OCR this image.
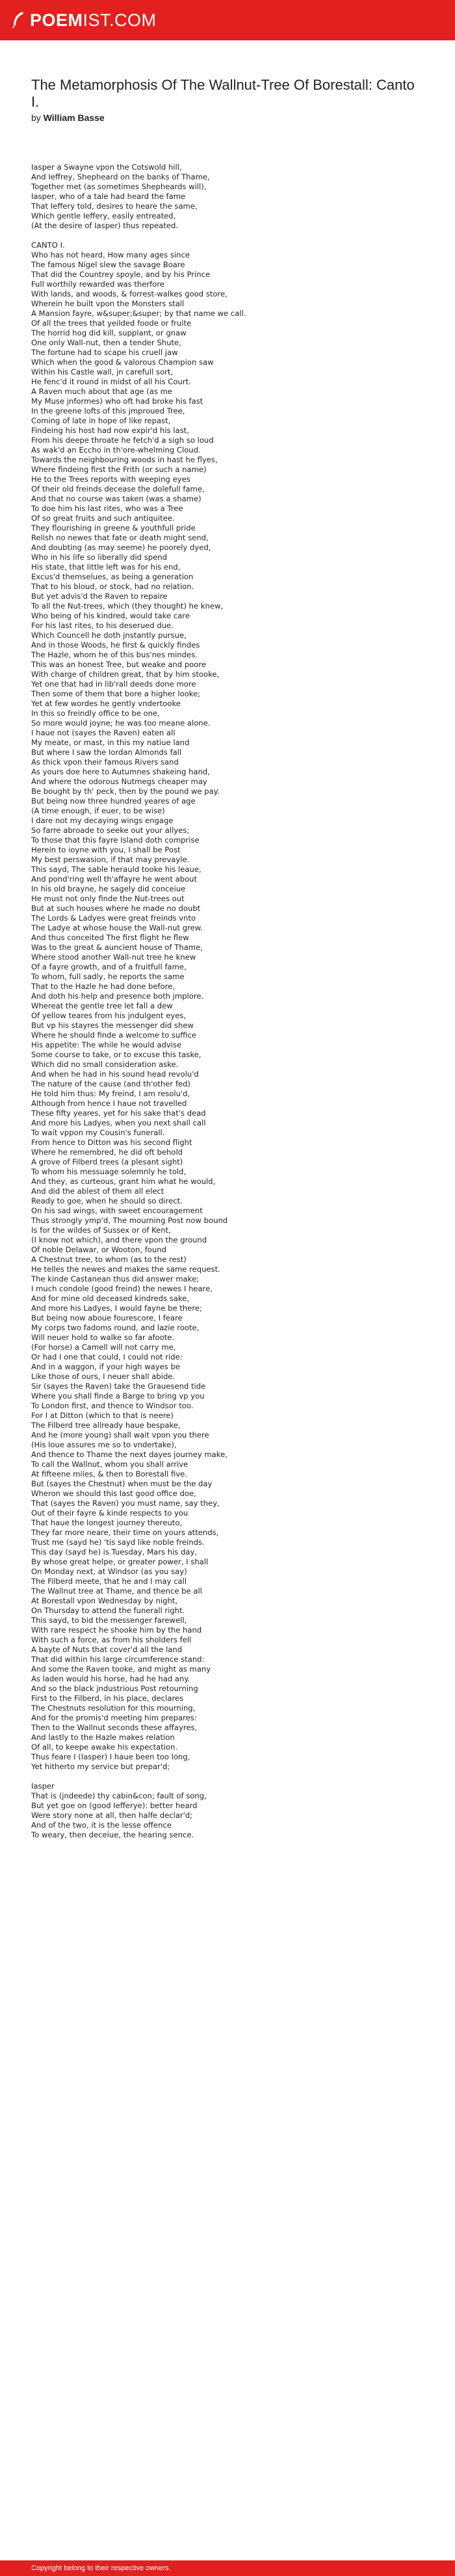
POEMIST.COM
The Metamorphosis Of The Wallnut-Tree Of Borestall: Canto I.
by William Basse
Iasper a Swayne vpon the Cotswold hill,
And Ieffrey, Shepheard on the banks of Thame,
Together met (as sometimes Shepheards will),
Iasper, who of a tale had heard the fame
That Ieffery told, desires to heare the same,
Which gentle Ieffery, easily entreated,
(At the desire of Iasper) thus repeated.
CANTO I.
Who has not heard, How many ages since
The famous Nigel slew the savage Boare
That did the Countrey spoyle, and by his Prince
Full worthily rewarded was therfore
With lands, and woods, & forrest-walkes good store,
Wherein he built vpon the Monsters stall
A Mansion fayre, w&super;&super; by that name we call.
Of all the trees that yeilded foode or fruite
The horrid hog did kill, supplant, or gnaw
One only Wall-nut, then a tender Shute,
The fortune had to scape his cruell jaw
Which when the good & valorous Champion saw
Within his Castle wall, jn carefull sort,
He fenc'd it round in midst of all his Court.
A Raven much about that age (as me
My Muse jnformes) who oft had broke his fast
In the greene lofts of this jmproued Tree,
Coming of late in hope of like repast,
Findeing his host had now expir'd his last,
From his deepe throate he fetch'd a sigh so loud
As wak'd an Eccho in th'ore-whelming Cloud.
Towards the neighbouring woods in hast he flyes,
Where findeing first the Frith (or such a name)
He to the Trees reports with weeping eyes
Of their old freinds decease the dolefull fame,
And that no course was taken (was a shame)
To doe him his last rites, who was a Tree
Of so great fruits and such antiquitee.
They flourishing in greene & youthfull pride
Relish no newes that fate or death might send,
And doubting (as may seeme) he poorely dyed,
Who in his life so liberally did spend
His state, that little left was for his end,
Excus'd themselues, as being a generation
That to his bloud, or stock, had no relation.
But yet advis'd the Raven to repaire
To all the Nut-trees, which (they thought) he knew,
Who being of his kindred, would take care
For his last rites, to his deserued due.
Which Councell he doth jnstantly pursue,
And in those Woods, he first & quickly findes
The Hazle, whom he of this bus'nes mindes.
This was an honest Tree, but weake and poore
With charge of children great, that by him stooke,
Yet one that had in lib'rall deeds done more
Then some of them that bore a higher looke;
Yet at few wordes he gently vndertooke
In this so freindly office to be one,
So more would joyne; he was too meane alone.
I haue not (sayes the Raven) eaten all
My meate, or mast, in this my natiue land
But where I saw the Iordan Almonds fall
As thick vpon their famous Rivers sand
As yours doe here to Autumnes shakeing hand,
And where the odorous Nutmegs cheaper may
Be bought by th' peck, then by the pound we pay.
But being now three hundred yeares of age
(A time enough, if euer, to be wise)
I dare not my decaying wings engage
So farre abroade to seeke out your allyes;
To those that this fayre Island doth comprise
Herein to ioyne with you, I shall be Post
My best perswasion, if that may prevayle.
This sayd, The sable herauld tooke his leaue,
And pond'ring well th'affayre he went about
In his old brayne, he sagely did conceiue
He must not only finde the Nut-trees out
But at such houses where he made no doubt
The Lords & Ladyes were great freinds vnto
The Ladye at whose house the Wall-nut grew.
And thus conceited The first flight he flew
Was to the great & auncient house of Thame,
Where stood another Wall-nut tree he knew
Of a fayre growth, and of a fruitfull fame,
To whom, full sadly, he reports the same
That to the Hazle he had done before,
And doth his help and presence both jmplore.
Whereat the gentle tree let fall a dew
Of yellow teares from his jndulgent eyes,
But vp his stayres the messenger did shew
Where he should finde a welcome to suffice
His appetite: The while he would advise
Some course to take, or to excuse this taske,
Which did no small consideration aske.
And when he had in his sound head revolu'd
The nature of the cause (and th'other fed)
He told him thus: My freind, I am resolu'd,
Although from hence I haue not travelled
These fifty yeares, yet for his sake that's dead
And more his Ladyes, when you next shall call
To wait vppon my Cousin's funerall.
From hence to Ditton was his second flight
Where he remembred, he did oft behold
A grove of Filberd trees (a plesant sight)
To whom his messuage solemnly he told,
And they, as curteous, grant him what he would,
And did the ablest of them all elect
Ready to goe, when he should so direct.
On his sad wings, with sweet encouragement
Thus strongly ymp'd, The mourning Post now bound
Is for the wildes of Sussex or of Kent,
(I know not which), and there vpon the ground
Of noble Delawar, or Wooton, found
A Chestnut tree, to whom (as to the rest)
He telles the newes and makes the same request.
The kinde Castanean thus did answer make;
I much condole (good freind) the newes I heare,
And for mine old deceased kindreds sake,
And more his Ladyes, I would fayne be there;
But being now aboue fourescore, I feare
My corps two fadoms round, and lazie roote,
Will neuer hold to walke so far afoote.
(For horse) a Camell will not carry me,
Or had I one that could, I could not ride:
And in a waggon, if your high wayes be
Like those of ours, I neuer shall abide.
Sir (sayes the Raven) take the Grauesend tide
Where you shall finde a Barge to bring vp you
To London first, and thence to Windsor too.
For I at Ditton (which to that is neere)
The Filberd tree allready haue bespake,
And he (more young) shall wait vpon you there
(His loue assures me so to vndertake),
And thence to Thame the next dayes journey make,
To call the Wallnut, whom you shall arrive
At fifteene miles, & then to Borestall five.
But (sayes the Chestnut) when must be the day
Wheron we should this last good office doe,
That (sayes the Raven) you must name, say they,
Out of their fayre & kinde respects to you
That haue the longest journey thereuto,
They far more neare, their time on yours attends,
Trust me (sayd he) 'tis sayd like noble freinds.
This day (sayd he) is Tuesday, Mars his day,
By whose great helpe, or greater power, I shall
On Monday next, at Windsor (as you say)
The Filberd meete, that he and I may call
The Wallnut tree at Thame, and thence be all
At Borestall vpon Wednesday by night,
On Thursday to attend the funerall right.
This sayd, to bid the messenger farewell,
With rare respect he shooke him by the hand
With such a force, as from his sholders fell
A bayte of Nuts that cover'd all the land
That did within his large circumference stand:
And some the Raven tooke, and might as many
As laden would his horse, had he had any.
And so the black jndustrious Post retourning
First to the Filberd, in his place, declares
The Chestnuts resolution for this mourning,
And for the promis'd meeting him prepares:
Then to the Wallnut seconds these affayres,
And lastly to the Hazle makes relation
Of all, to keepe awake his expectation.
Thus feare I (Iasper) I haue been too long,
Yet hitherto my service but prepar'd;
Iasper
That is (jndeede) thy cabin&con; fault of song,
But yet goe on (good Iefferye): better heard
Were story none at all, then halfe declar'd;
And of the two, it is the lesse offence
To weary, then deceiue, the hearing sence.
Copyright belong to their respective owners.
